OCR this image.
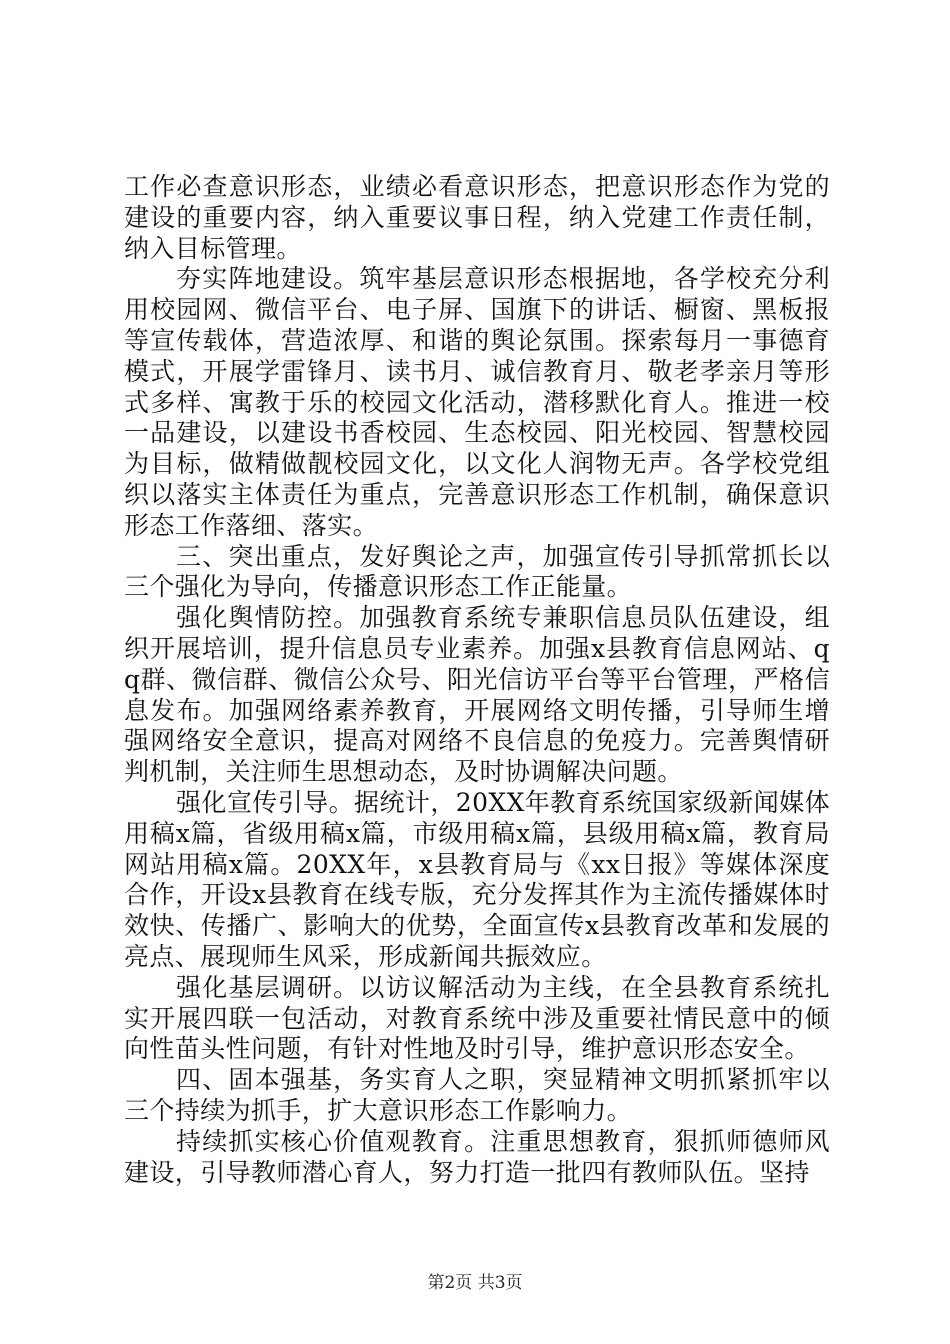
工作必查意识形态，业绩必看意识形态，把意识形态作为党的建设的重要内容，纳入重要议事日程，纳入党建工作责任制，纳入目标管理。

夯实阵地建设。筑牢基层意识形态根据地，各学校充分利用校园网、微信平台、电子屏、国旗下的讲话、橱窗、黑板报等宣传载体，营造浓厚、和谐的舆论氛围。探索每月一事德育模式，开展学雷锋月、读书月、诚信教育月、敬老孝亲月等形式多样、寓教于乐的校园文化活动，潜移默化育人。推进一校一品建设，以建设书香校园、生态校园、阳光校园、智慧校园为目标，做精做靓校园文化，以文化人润物无声。各学校党组织以落实主体责任为重点，完善意识形态工作机制，确保意识形态工作落细、落实。

三、突出重点，发好舆论之声，加强宣传引导抓常抓长以三个强化为导向，传播意识形态工作正能量。

强化舆情防控。加强教育系统专兼职信息员队伍建设，组织开展培训，提升信息员专业素养。加强x县教育信息网站、qq群、微信群、微信公众号、阳光信访平台等平台管理，严格信息发布。加强网络素养教育，开展网络文明传播，引导师生增强网络安全意识，提高对网络不良信息的免疫力。完善舆情研判机制，关注师生思想动态，及时协调解决问题。

强化宣传引导。据统计，20XX年教育系统国家级新闻媒体用稿x篇，省级用稿x篇，市级用稿x篇，县级用稿x篇，教育局网站用稿x篇。20XX年，x县教育局与《xx日报》等媒体深度合作，开设x县教育在线专版，充分发挥其作为主流传播媒体时效快、传播广、影响大的优势，全面宣传x县教育改革和发展的亮点、展现师生风采，形成新闻共振效应。

强化基层调研。以访议解活动为主线，在全县教育系统扎实开展四联一包活动，对教育系统中涉及重要社情民意中的倾向性苗头性问题，有针对性地及时引导，维护意识形态安全。

四、固本强基，务实育人之职，突显精神文明抓紧抓牢以三个持续为抓手，扩大意识形态工作影响力。

持续抓实核心价值观教育。注重思想教育，狠抓师德师风建设，引导教师潜心育人，努力打造一批四有教师队伍。坚持

第2页 共3页
